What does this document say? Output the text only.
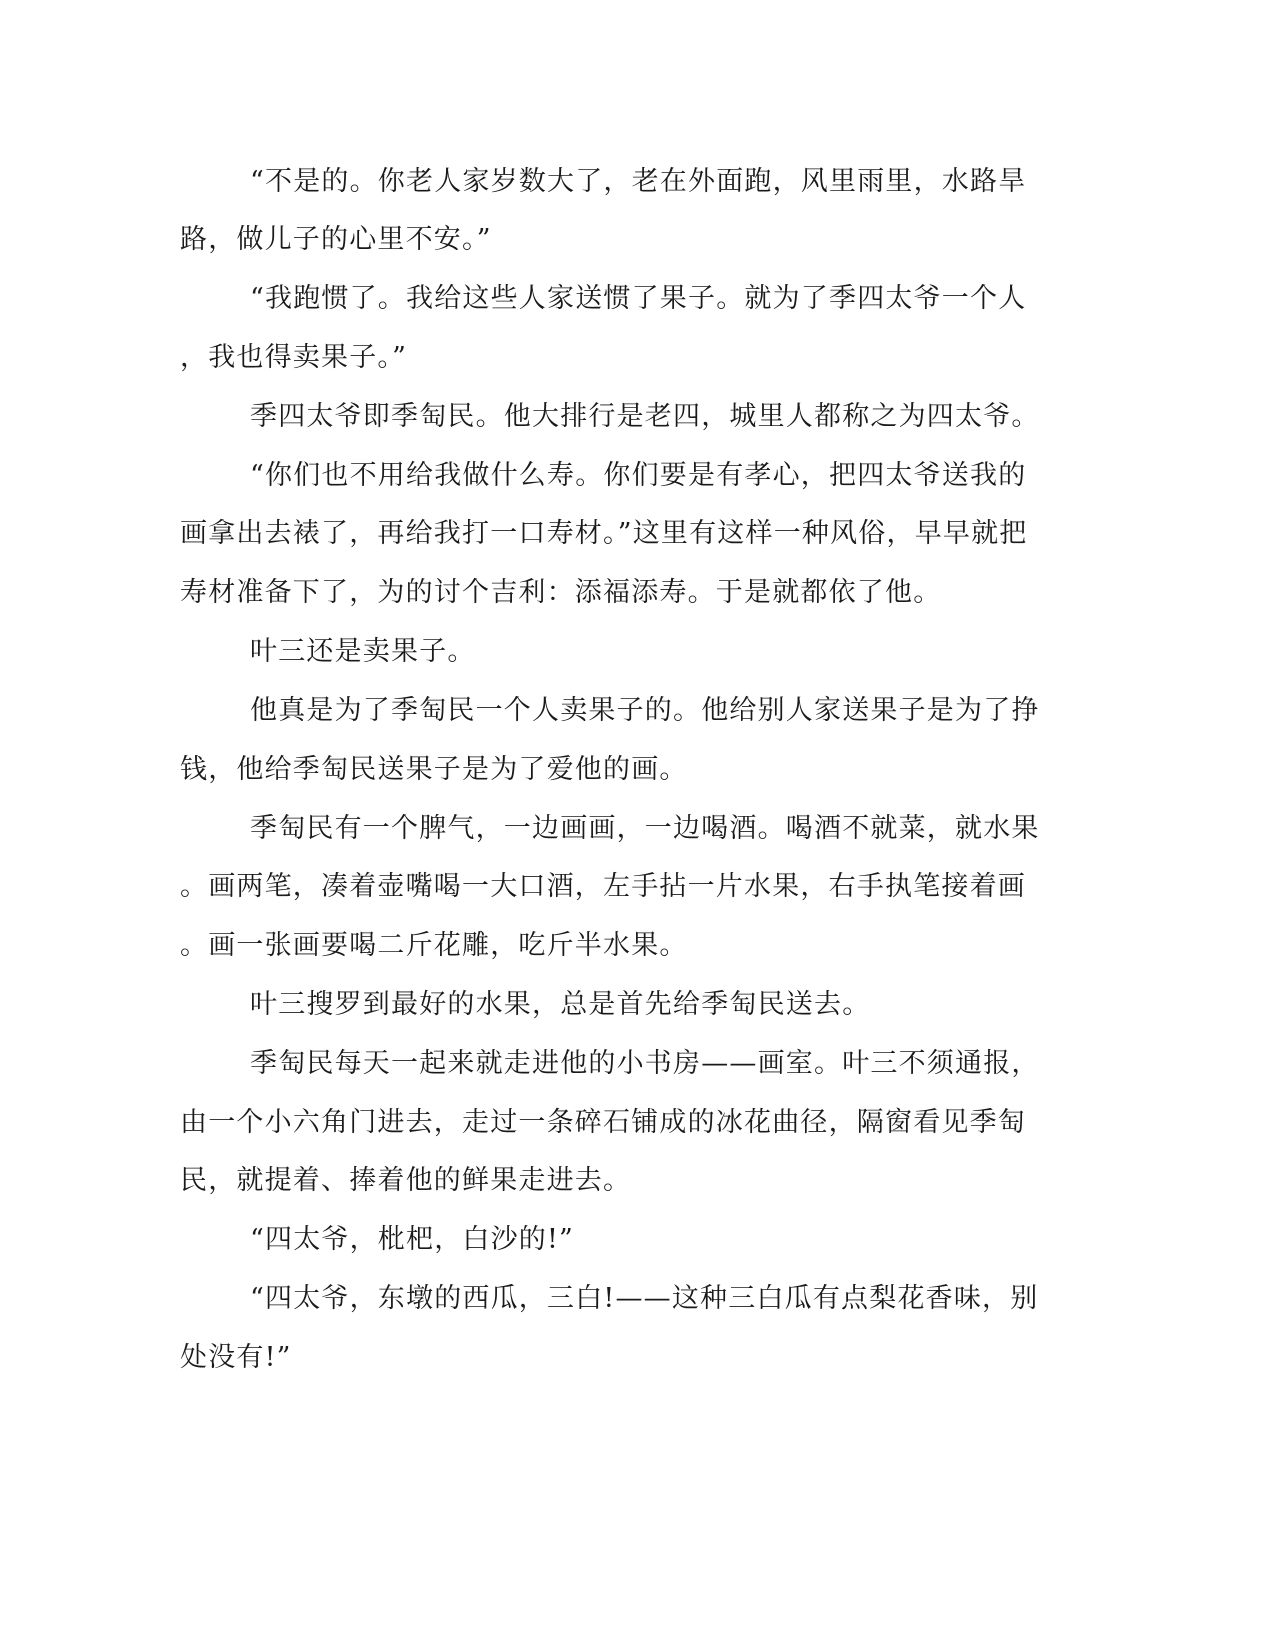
“不是的。你老人家岁数大了，老在外面跑，风里雨里，水路旱

路，做儿子的心里不安。”

“我跑惯了。我给这些人家送惯了果子。就为了季四太爷一个人

，我也得卖果子。”

季四太爷即季匋民。他大排行是老四，城里人都称之为四太爷。

“你们也不用给我做什么寿。你们要是有孝心，把四太爷送我的

画拿出去裱了，再给我打一口寿材。”这里有这样一种风俗，早早就把

寿材准备下了，为的讨个吉利：添福添寿。于是就都依了他。

叶三还是卖果子。

他真是为了季匋民一个人卖果子的。他给别人家送果子是为了挣

钱，他给季匋民送果子是为了爱他的画。

季匋民有一个脾气，一边画画，一边喝酒。喝酒不就菜，就水果

。画两笔，凑着壶嘴喝一大口酒，左手拈一片水果，右手执笔接着画

。画一张画要喝二斤花雕，吃斤半水果。

叶三搜罗到最好的水果，总是首先给季匋民送去。

季匋民每天一起来就走进他的小书房——画室。叶三不须通报，

由一个小六角门进去，走过一条碎石铺成的冰花曲径，隔窗看见季匋

民，就提着、捧着他的鲜果走进去。

“四太爷，枇杷，白沙的!”

“四太爷，东墩的西瓜，三白!——这种三白瓜有点梨花香味，别

处没有!”
